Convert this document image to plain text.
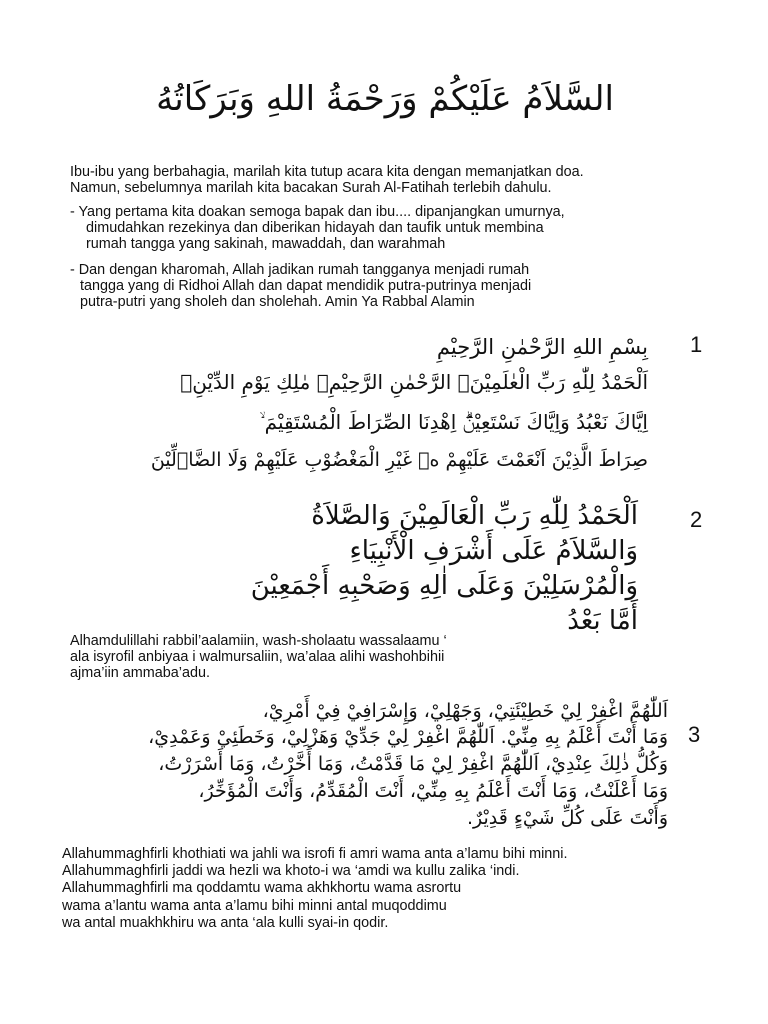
السَّلاَمُ عَلَيْكُمْ وَرَحْمَةُ اللهِ وَبَرَكَاتُهُ
Ibu-ibu yang berbahagia, marilah kita tutup acara kita dengan memanjatkan doa.
Namun, sebelumnya marilah kita bacakan Surah Al-Fatihah terlebih dahulu.
- Yang pertama kita doakan semoga bapak dan ibu.... dipanjangkan umurnya,
dimudahkan rezekinya dan diberikan hidayah dan taufik untuk membina
rumah tangga yang sakinah, mawaddah, dan warahmah
- Dan dengan kharomah, Allah jadikan rumah tangganya menjadi rumah
tangga yang di Ridhoi Allah dan dapat mendidik putra-putrinya menjadi
putra-putri yang sholeh dan sholehah. Amin Ya Rabbal Alamin
1
بِسْمِ اللهِ الرَّحْمٰنِ الرَّحِيْمِ
اَلْحَمْدُ لِلّٰهِ رَبِّ الْعٰلَمِيْنَۙ الرَّحْمٰنِ الرَّحِيْمِۙ مٰلِكِ يَوْمِ الدِّيْنِۗ
اِيَّاكَ نَعْبُدُ وَاِيَّاكَ نَسْتَعِيْنُۗ اِهْدِنَا الصِّرَاطَ الْمُسْتَقِيْمَ ۙ
صِرَاطَ الَّذِيْنَ اَنْعَمْتَ عَلَيْهِمْ ەۙ غَيْرِ الْمَغْضُوْبِ عَلَيْهِمْ وَلَا الضَّاۤلِّيْنَ
2
اَلْحَمْدُ لِلّٰهِ رَبِّ الْعَالَمِيْنَ وَالصَّلاَةُ
وَالسَّلاَمُ عَلَى أَشْرَفِ الْأَنْبِيَاءِ
وَالْمُرْسَلِيْنَ وَعَلَى اٰلِهِ وَصَحْبِهِ أَجْمَعِيْنَ
أَمَّا بَعْدُ
Alhamdulillahi rabbil’aalamiin, wash-sholaatu wassalaamu ‘
ala isyrofil anbiyaa i walmursaliin, wa’alaa alihi washohbihii
ajma’iin ammaba’adu.
3
اَللّٰهُمَّ اغْفِرْ لِيْ خَطِيْئَتِيْ، وَجَهْلِيْ، وَإِسْرَافِيْ فِيْ أَمْرِيْ،
وَمَا أَنْتَ أَعْلَمُ بِهِ مِنِّيْ. اَللّٰهُمَّ اغْفِرْ لِيْ جَدِّيْ وَهَزْلِيْ، وَخَطَئِيْ وَعَمْدِيْ،
وَكُلُّ ذٰلِكَ عِنْدِيْ، اَللّٰهُمَّ اغْفِرْ لِيْ مَا قَدَّمْتُ، وَمَا أَخَّرْتُ، وَمَا أَسْرَرْتُ،
وَمَا أَعْلَنْتُ، وَمَا أَنْتَ أَعْلَمُ بِهِ مِنِّيْ، أَنْتَ الْمُقَدِّمُ، وَأَنْتَ الْمُؤَخِّرُ،
وَأَنْتَ عَلَى كُلِّ شَيْءٍ قَدِيْرٌ.
Allahummaghfirli khothiati wa jahli wa isrofi fi amri wama anta a’lamu bihi minni.
Allahummaghfirli jaddi wa hezli wa khoto-i wa ‘amdi wa kullu zalika ‘indi.
Allahummaghfirli ma qoddamtu wama akhkhortu wama asrortu
wama a’lantu wama anta a’lamu bihi minni antal muqoddimu
wa antal muakhkhiru wa anta ‘ala kulli syai-in qodir.
